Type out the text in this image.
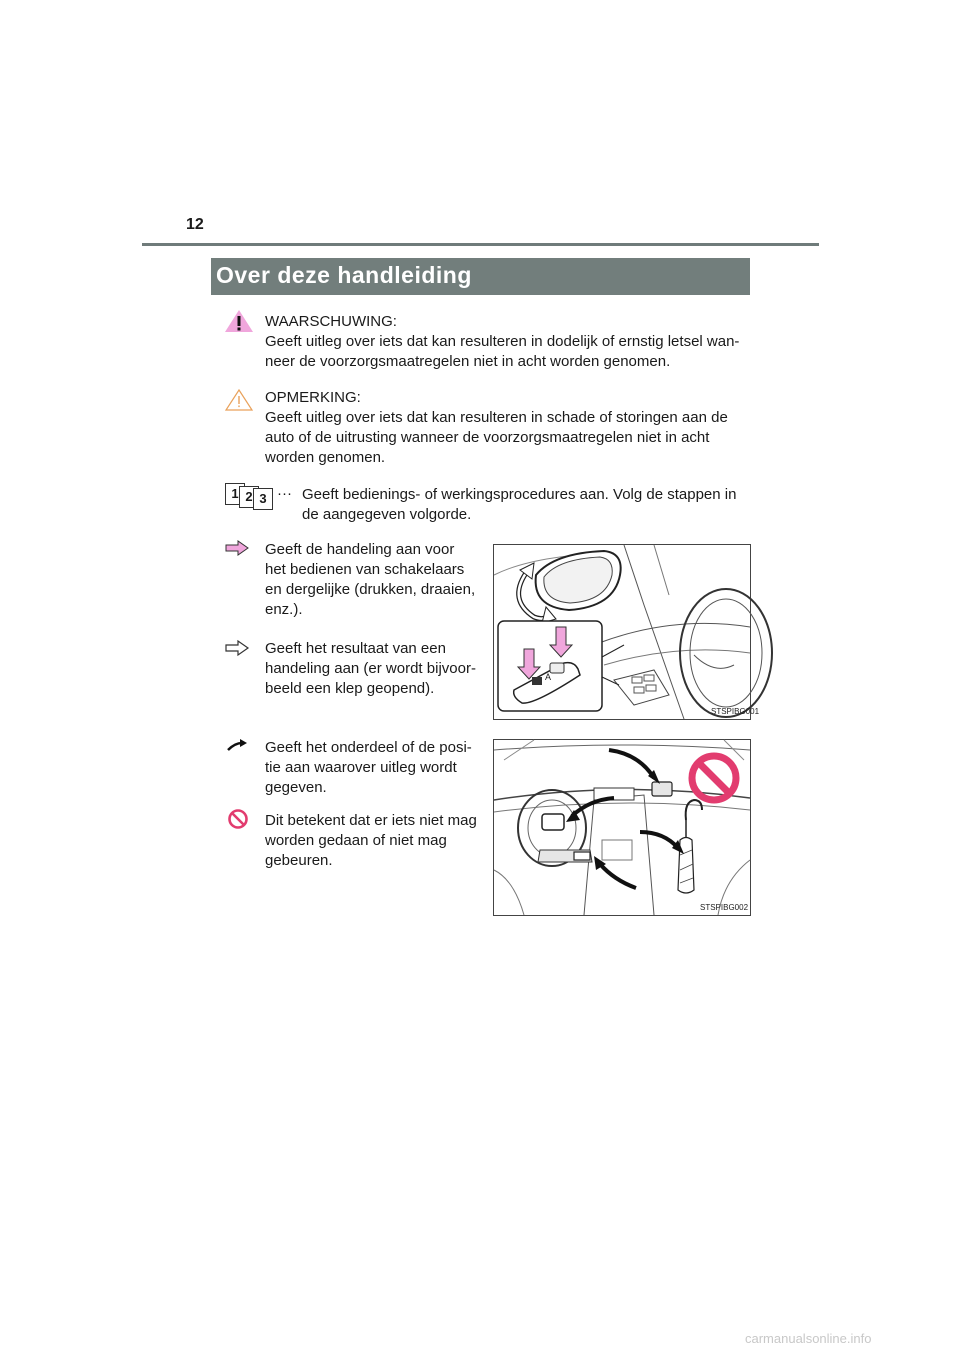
12
Over deze handleiding
WAARSCHUWING:
Geeft uitleg over iets dat kan resulteren in dodelijk of ernstig letsel wan-
neer de voorzorgsmaatregelen niet in acht worden genomen.
OPMERKING:
Geeft uitleg over iets dat kan resulteren in schade of storingen aan de
auto of de uitrusting wanneer de voorzorgsmaatregelen niet in acht
worden genomen.
1 2 3 ··· Geeft bedienings- of werkingsprocedures aan. Volg de stappen in
de aangegeven volgorde.
Geeft de handeling aan voor
het bedienen van schakelaars
en dergelijke (drukken, draaien,
enz.).
Geeft het resultaat van een
handeling aan (er wordt bijvoor-
beeld een klep geopend).
Geeft het onderdeel of de posi-
tie aan waarover uitleg wordt
gegeven.
Dit betekent dat er iets niet mag
worden gedaan of niet mag
gebeuren.
STSPIBG001
A
STSPIBG002
carmanualsonline.info
